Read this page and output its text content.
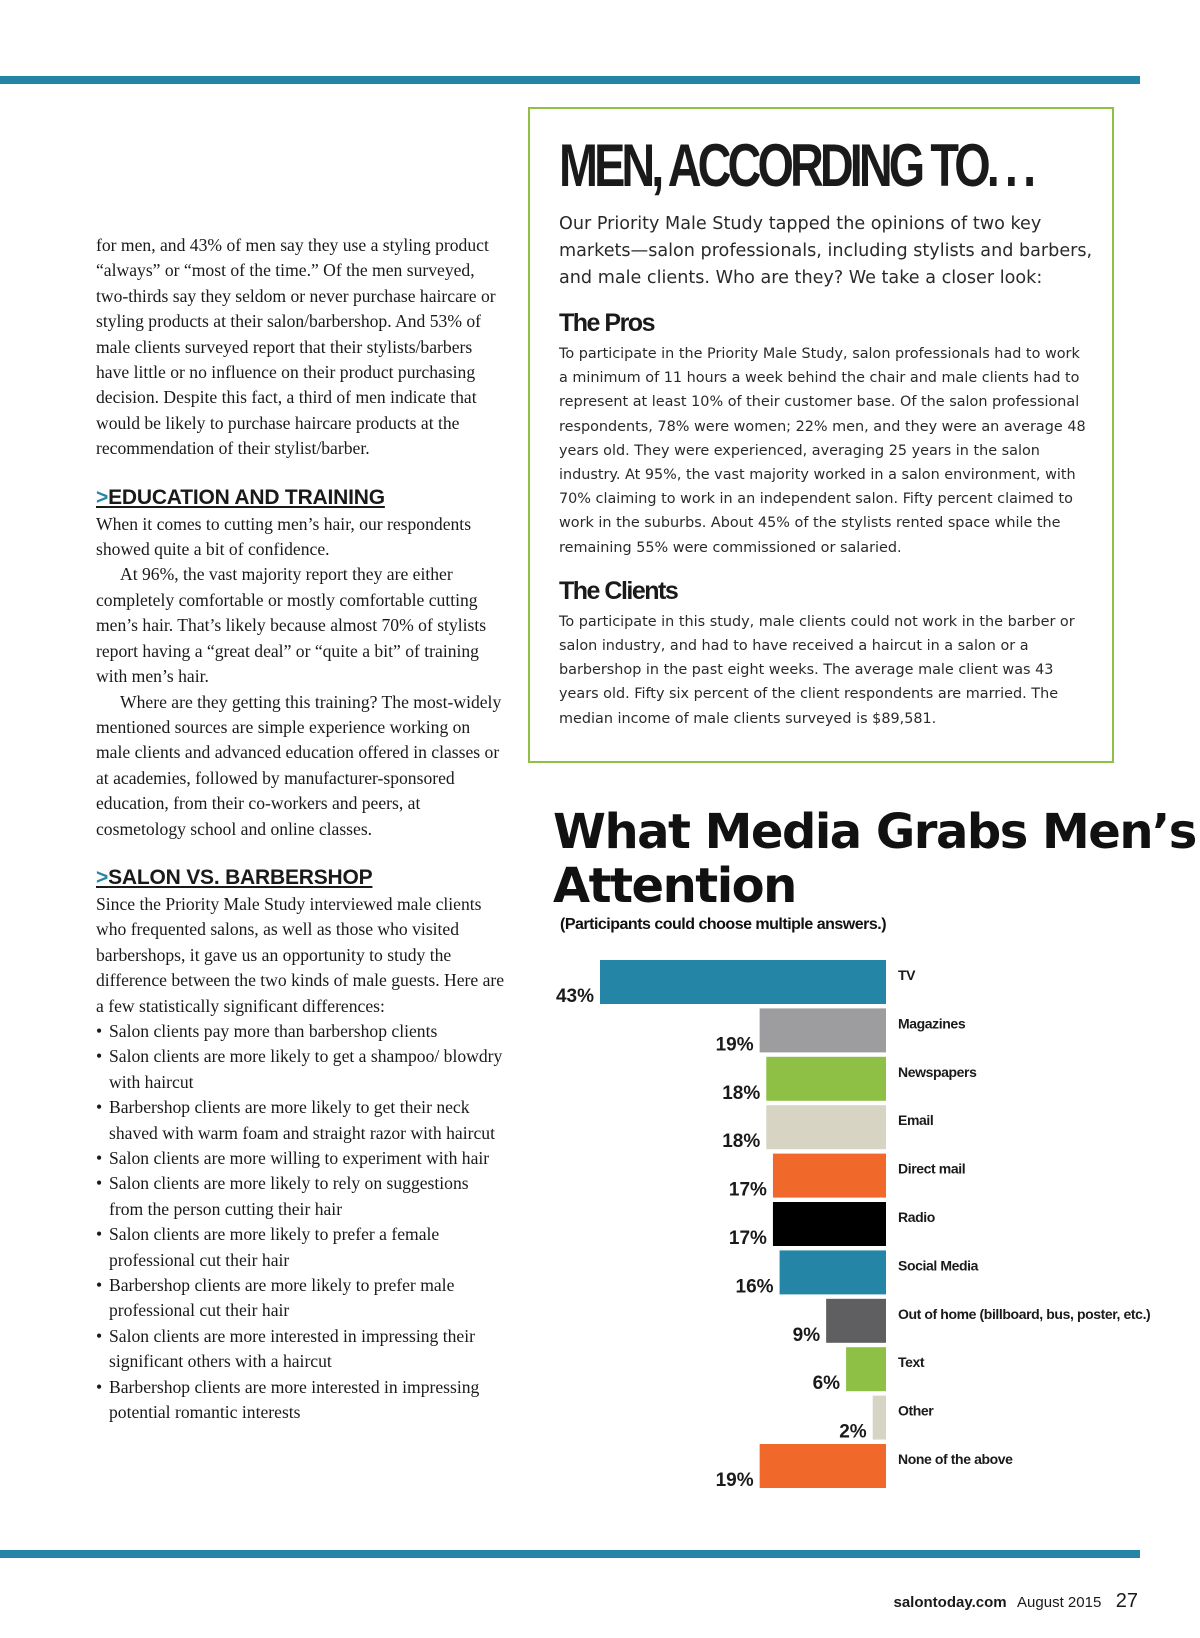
for men, and 43% of men say they use a styling product “always” or “most of the time.” Of the men surveyed, two-thirds say they seldom or never purchase haircare or styling products at their salon/barbershop. And 53% of male clients surveyed report that their stylists/barbers have little or no influence on their product purchasing decision. Despite this fact, a third of men indicate that would be likely to purchase haircare products at the recommendation of their stylist/barber.

>EDUCATION AND TRAINING

When it comes to cutting men’s hair, our respondents showed quite a bit of confidence.

At 96%, the vast majority report they are either completely comfortable or mostly comfortable cutting men’s hair. That’s likely because almost 70% of stylists report having a “great deal” or “quite a bit” of training with men’s hair.

Where are they getting this training? The most-widely mentioned sources are simple experience working on male clients and advanced education offered in classes or at academies, followed by manufacturer-sponsored education, from their co-workers and peers, at cosmetology school and online classes.

>SALON VS. BARBERSHOP

Since the Priority Male Study interviewed male clients who frequented salons, as well as those who visited barbershops, it gave us an opportunity to study the difference between the two kinds of male guests. Here are a few statistically significant differences:

• Salon clients pay more than barbershop clients
• Salon clients are more likely to get a shampoo/ blowdry with haircut
• Barbershop clients are more likely to get their neck shaved with warm foam and straight razor with haircut
• Salon clients are more willing to experiment with hair
• Salon clients are more likely to rely on suggestions from the person cutting their hair
• Salon clients are more likely to prefer a female professional cut their hair
• Barbershop clients are more likely to prefer male professional cut their hair
• Salon clients are more interested in impressing their significant others with a haircut
• Barbershop clients are more interested in impressing potential romantic interests
MEN, ACCORDING TO. . .

Our Priority Male Study tapped the opinions of two key markets—salon professionals, including stylists and barbers, and male clients. Who are they? We take a closer look:

The Pros

To participate in the Priority Male Study, salon professionals had to work a minimum of 11 hours a week behind the chair and male clients had to represent at least 10% of their customer base. Of the salon professional respondents, 78% were women; 22% men, and they were an average 48 years old. They were experienced, averaging 25 years in the salon industry. At 95%, the vast majority worked in a salon environment, with 70% claiming to work in an independent salon. Fifty percent claimed to work in the suburbs. About 45% of the stylists rented space while the remaining 55% were commissioned or salaried.

The Clients

To participate in this study, male clients could not work in the barber or salon industry, and had to have received a haircut in a salon or a barbershop in the past eight weeks. The average male client was 43 years old. Fifty six percent of the client respondents are married. The median income of male clients surveyed is $89,581.

What Media Grabs Men’s Attention

(Participants could choose multiple answers.)

43%
TV
19%
Magazines
18%
Newspapers
18%
Email
17%
Direct mail
17%
Radio
16%
Social Media
9%
Out of home (billboard, bus, poster, etc.)
6%
Text
2%
Other
19%
None of the above
salontoday.com August 2015 27
